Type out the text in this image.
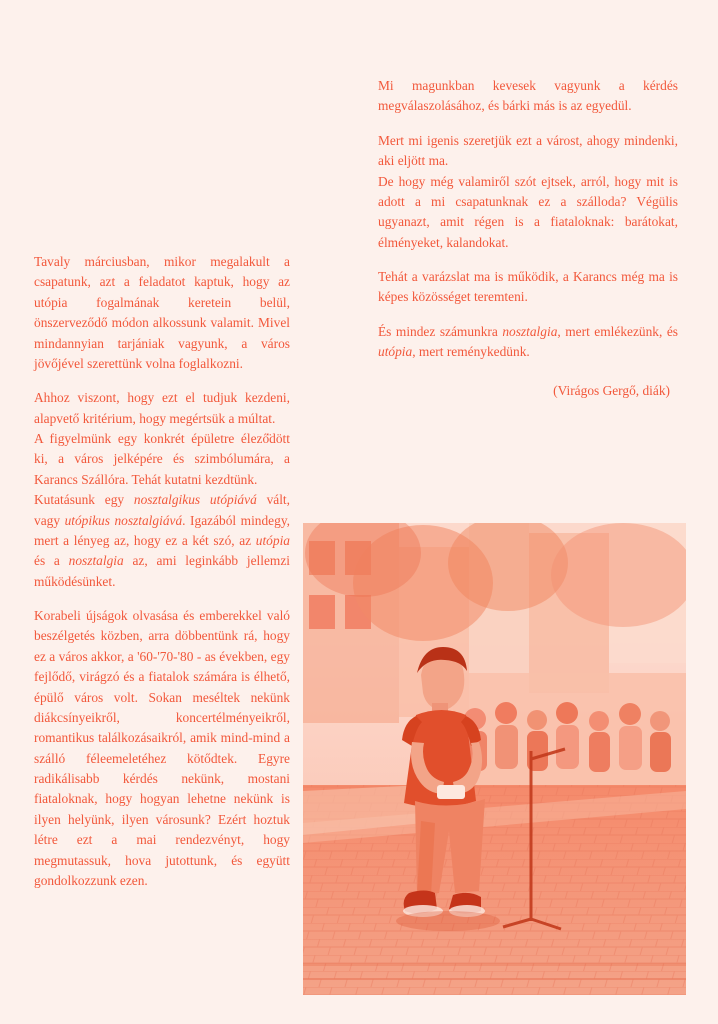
Tavaly márciusban, mikor megalakult a csapatunk, azt a feladatot kaptuk, hogy az utópia fogalmának keretein belül, önszerveződő módon alkossunk valamit. Mivel mindannyian tarjániak vagyunk, a város jövőjével szerettünk volna foglalkozni.
Ahhoz viszont, hogy ezt el tudjuk kezdeni, alapvető kritérium, hogy megértsük a múltat.
A figyelmünk egy konkrét épületre élező̈dött ki, a város jelképére és szimbólumára, a Karancs Szállóra. Tehát kutatni kezdtünk.
Kutatásunk egy nosztalgikus utópiává vált, vagy utópikus nosztalgiává. Igazából mindegy, mert a lényeg az, hogy ez a két szó, az utópia és a nosztalgia az, ami leginkább jellemzi működésünket.
Korabeli újságok olvasása és emberekkel való beszélgetés közben, arra döbbentünk rá, hogy ez a város akkor, a '60-'70-'80 - as években, egy fejlődő, virágzó és a fiatalok számára is élhető, épülő város volt. Sokan meséltek nekünk diákcsínyeikről, koncertélményeikről, romantikus találkozásaikról, amik mind-mind a szálló féleemeletéhez kötődtek. Egyre radikálisabb kérdés nekünk, mostani fiataloknak, hogy hogyan lehetne nekünk is ilyen helyünk, ilyen városunk? Ezért hoztuk létre ezt a mai rendezvényt, hogy megmutassuk, hova jutottunk, és együtt gondolkozzunk ezen.
Mi magunkban kevesek vagyunk a kérdés megválaszolásához, és bárki más is az egyedül.
Mert mi igenis szeretjük ezt a várost, ahogy mindenki, aki eljött ma.
De hogy még valamiről szót ejtsek, arról, hogy mit is adott a mi csapatunknak ez a szálloda? Végülis ugyanazt, amit régen is a fiataloknak: barátokat, élményeket, kalandokat.
Tehát a varázslat ma is működik, a Karancs még ma is képes közösséget teremteni.
És mindez számunkra nosztalgia, mert emlékezünk, és utópia, mert reménykedünk.
(Virágos Gergő, diák)
